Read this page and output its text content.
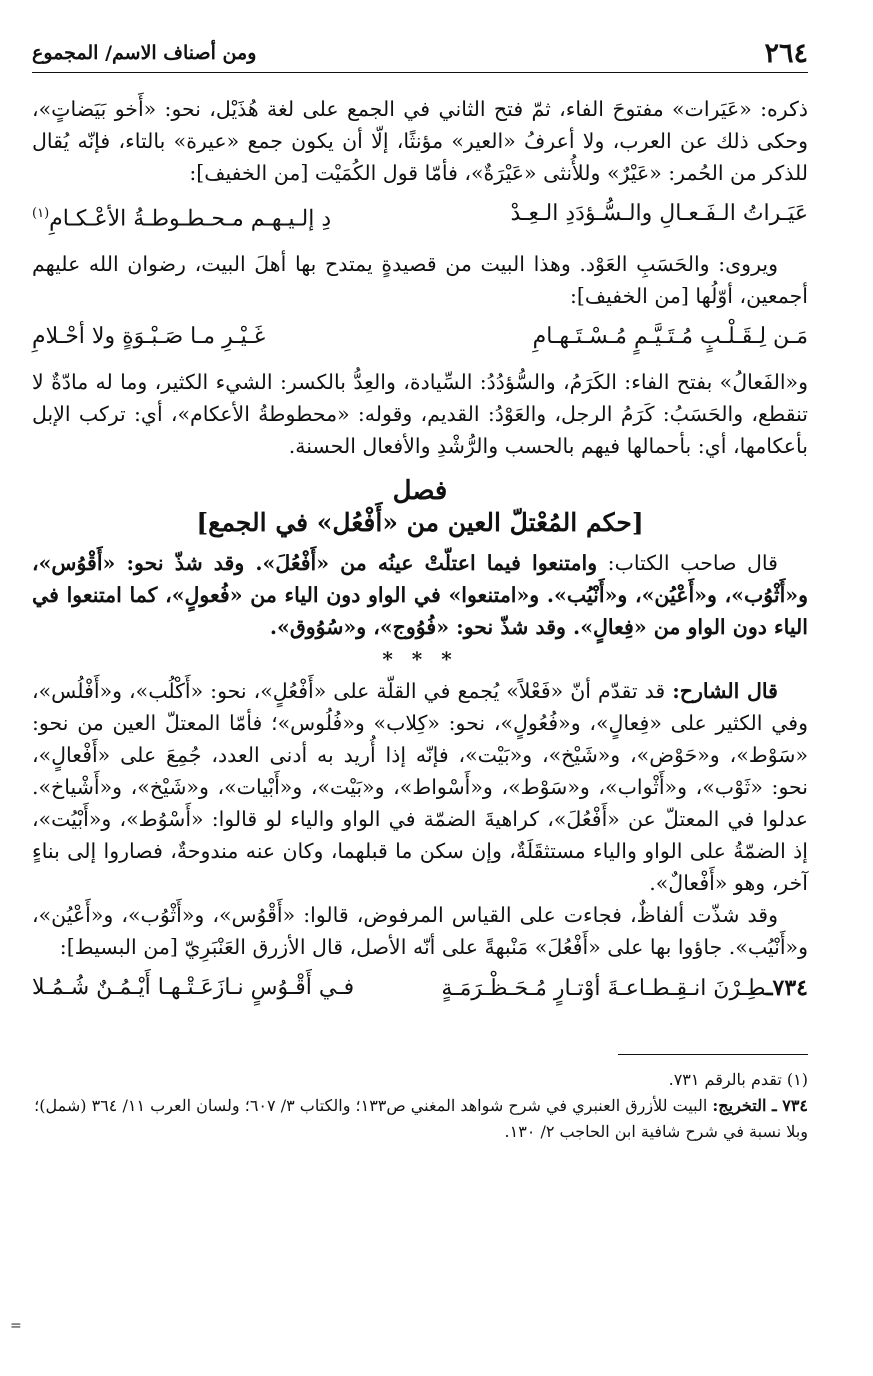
٢٦٤
ومن أصناف الاسم/ المجموع

ذكره: «عَيَرات» مفتوحَ الفاء، ثمّ فتح الثاني في الجمع على لغة هُذَيْل، نحو: «أَخو بَيَضاتٍ»، وحكى ذلك عن العرب، ولا أعرفُ «العير» مؤنثًا، إلّا أن يكون جمع «عيرة» بالتاء، فإنّه يُقال للذكر من الحُمر: «عَيْرٌ» وللأُنثى «عَيْرَةٌ»، فأمّا قول الكُمَيْت [من الخفيف]:

عَيَـراتُ الـفَـعـالِ والـسُّـؤدَدِ الـعِـدْ
دِ إلـيـهـم مـحـطـوطـةُ الأعْـكـامِ$^{(١)}$

ويروى: والحَسَبِ العَوْد. وهذا البيت من قصيدةٍ يمتدح بها أهلَ البيت، رضوان الله عليهم أجمعين، أوّلُها [من الخفيف]:

مَـن لِـقَـلْـبٍ مُـتَـيَّـمٍ مُـسْـتَـهـامِ
غَـيْـرِ مـا صَـبْـوَةٍ ولا أحْـلامِ

و«الفَعالُ» بفتح الفاء: الكَرَمُ، والسُّؤدُدُ: السِّيادة، والعِدُّ بالكسر: الشيء الكثير، وما له مادّةٌ لا تنقطع، والحَسَبُ: كَرَمُ الرجل، والعَوْدُ: القديم، وقوله: «محطوطةُ الأعكام»، أي: تركب الإبل بأعكامها، أي: بأحمالها فيهم بالحسب والرُّشْدِ والأفعال الحسنة.

فصل
[حكم المُعْتلّ العين من «أَفْعُل» في الجمع]

قال صاحب الكتاب: وامتنعوا فيما اعتلّتْ عينُه من «أَفْعُلَ». وقد شذّ نحو: «أَقْوُس»، و«أَثْوُب»، و«أَعْيُن»، و«أَنْيُب». و«امتنعوا» في الواو دون الياء من «فُعولٍ»، كما امتنعوا في الياء دون الواو من «فِعالٍ». وقد شذّ نحو: «فُوُوج»، و«سُوُوق».

* * *

قال الشارح: قد تقدّم أنّ «فَعْلاً» يُجمع في القلّة على «أَفْعُلٍ»، نحو: «أَكْلُب»، و«أَفْلُس»، وفي الكثير على «فِعالٍ»، و«فُعُولٍ»، نحو: «كِلاب» و«فُلُوس»؛ فأمّا المعتلّ العين من نحو: «سَوْط»، و«حَوْض»، و«شَيْخ»، و«بَيْت»، فإنّه إذا أُريد به أدنى العدد، جُمِعَ على «أَفْعالٍ»، نحو: «ثَوْب»، و«أَثْواب»، و«سَوْط»، و«أَسْواط»، و«بَيْت»، و«أَبْيات»، و«شَيْخ»، و«أَشْياخ». عدلوا في المعتلّ عن «أَفْعُلَ»، كراهيةَ الضمّة في الواو والياء لو قالوا: «أَسْوُط»، و«أَبْيُت»، إذ الضمّةُ على الواو والياء مستثقَلَةٌ، وإن سكن ما قبلهما، وكان عنه مندوحةٌ، فصاروا إلى بناءٍ آخر، وهو «أَفْعالٌ».

وقد شذّت ألفاظٌ، فجاءت على القياس المرفوض، قالوا: «أَقْوُس»، و«أَثْوُب»، و«أَعْيُن»، و«أَنْيُب». جاؤوا بها على «أَفْعُلَ» مَنْبهةً على أنّه الأصل، قال الأزرق العَنْبَرِيّ [من البسيط]:

٧٣٤ـطِـرْنَ انـقِـطـاعـةَ أوْتـارٍ مُـحَـظْـرَمَـةٍ
فـي أَقْـوُسٍ نـازَعَـتْـهـا أَيْـمُـنٌ شُـمُـلا

(١) تقدم بالرقم ٧٣١.

٧٣٤ ـ التخريج: البيت للأزرق العنبري في شرح شواهد المغني ص١٣٣؛ والكتاب ٣/ ٦٠٧؛ ولسان العرب ١١/ ٣٦٤ (شمل)؛ وبلا نسبة في شرح شافية ابن الحاجب ٢/ ١٣٠.

=
